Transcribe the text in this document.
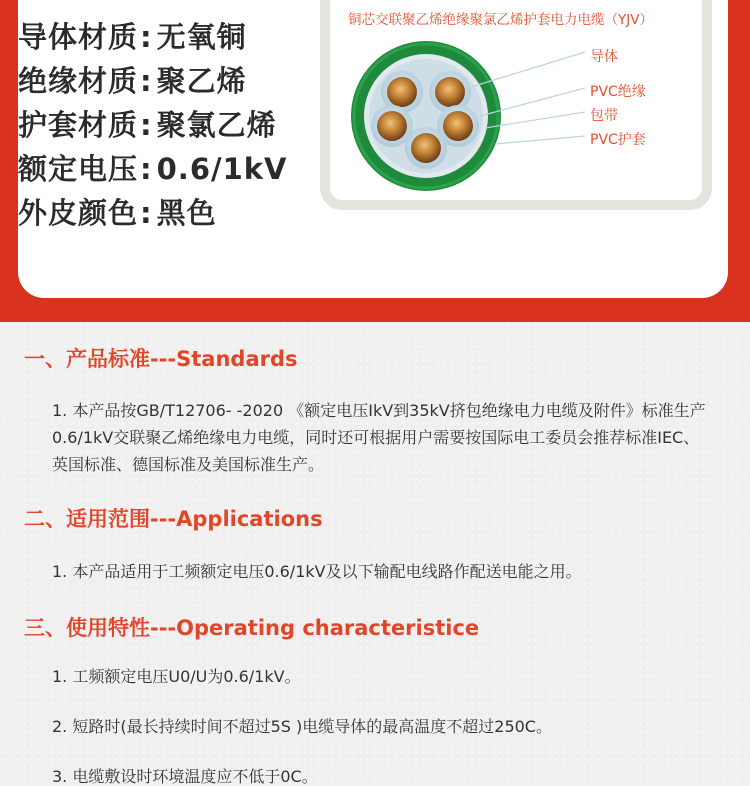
导体材质: 无氧铜
绝缘材质: 聚乙烯
护套材质: 聚氯乙烯
额定电压: 0.6/1kV
外皮颜色: 黑色
铜芯交联聚乙烯绝缘聚氯乙烯护套电力电缆（YJV）
导体
PVC绝缘
包带
PVC护套
一、产品标准---Standards
1. 本产品按GB/T12706- -2020 《额定电压IkV到35kV挤包绝缘电力电缆及附件》标准生产0.6/1kV交联聚乙烯绝缘电力电缆，同时还可根据用户需要按国际电工委员会推荐标准IEC、英国标准、德国标准及美国标准生产。
二、适用范围---Applications
1. 本产品适用于工频额定电压0.6/1kV及以下输配电线路作配送电能之用。
三、使用特性---Operating characteristice
1. 工频额定电压U0/U为0.6/1kV。
2. 短路时(最长持续时间不超过5S )电缆导体的最高温度不超过250C。
3. 电缆敷设时环境温度应不低于0C。
